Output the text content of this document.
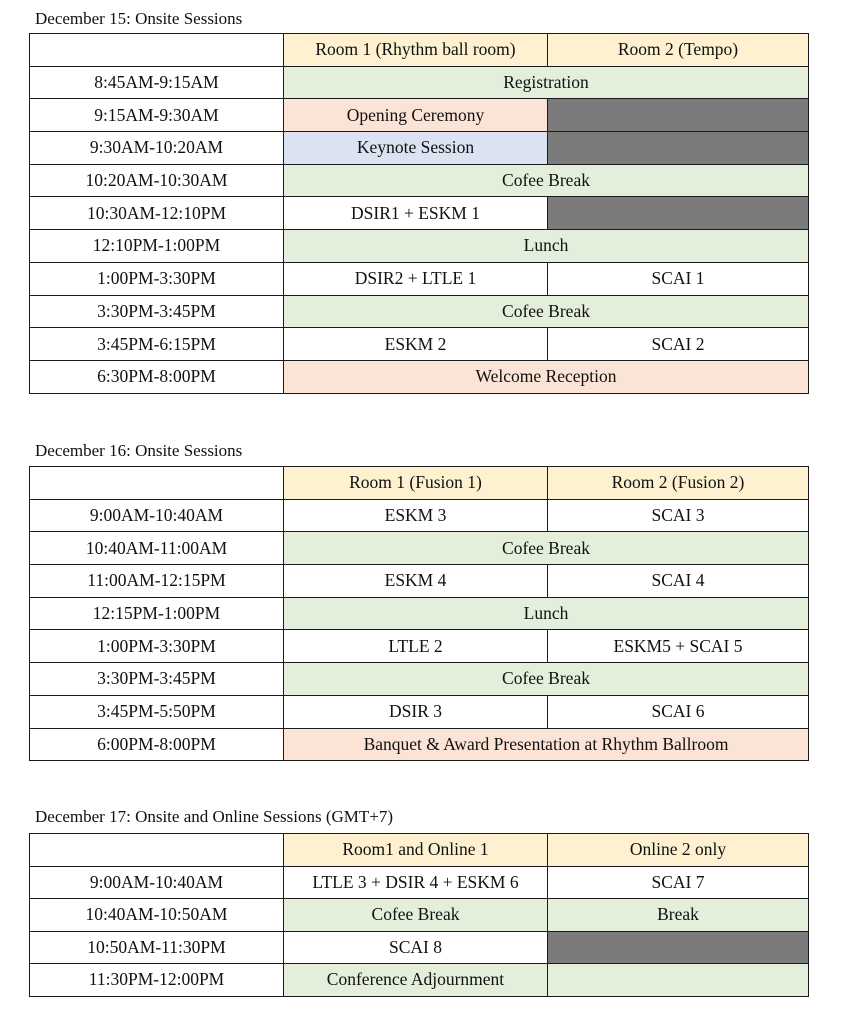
December 15: Onsite Sessions
	Room 1 (Rhythm ball room)	Room 2 (Tempo)
8:45AM-9:15AM	Registration	
9:15AM-9:30AM	Opening Ceremony	
9:30AM-10:20AM	Keynote Session	
10:20AM-10:30AM	Cofee Break	
10:30AM-12:10PM	DSIR1 + ESKM 1	
12:10PM-1:00PM	Lunch	
1:00PM-3:30PM	DSIR2 + LTLE 1	SCAI 1
3:30PM-3:45PM	Cofee Break	
3:45PM-6:15PM	ESKM 2	SCAI 2
6:30PM-8:00PM	Welcome Reception	
December 16: Onsite Sessions
	Room 1 (Fusion 1)	Room 2 (Fusion 2)
9:00AM-10:40AM	ESKM 3	SCAI 3
10:40AM-11:00AM	Cofee Break	
11:00AM-12:15PM	ESKM 4	SCAI 4
12:15PM-1:00PM	Lunch	
1:00PM-3:30PM	LTLE 2	ESKM5 + SCAI 5
3:30PM-3:45PM	Cofee Break	
3:45PM-5:50PM	DSIR 3	SCAI 6
6:00PM-8:00PM	Banquet & Award Presentation at Rhythm Ballroom	
December 17: Onsite and Online Sessions (GMT+7)
	Room1 and Online 1	Online 2 only
9:00AM-10:40AM	LTLE 3 + DSIR 4 + ESKM 6	SCAI 7
10:40AM-10:50AM	Cofee Break	Break
10:50AM-11:30PM	SCAI 8	
11:30PM-12:00PM	Conference Adjournment	
